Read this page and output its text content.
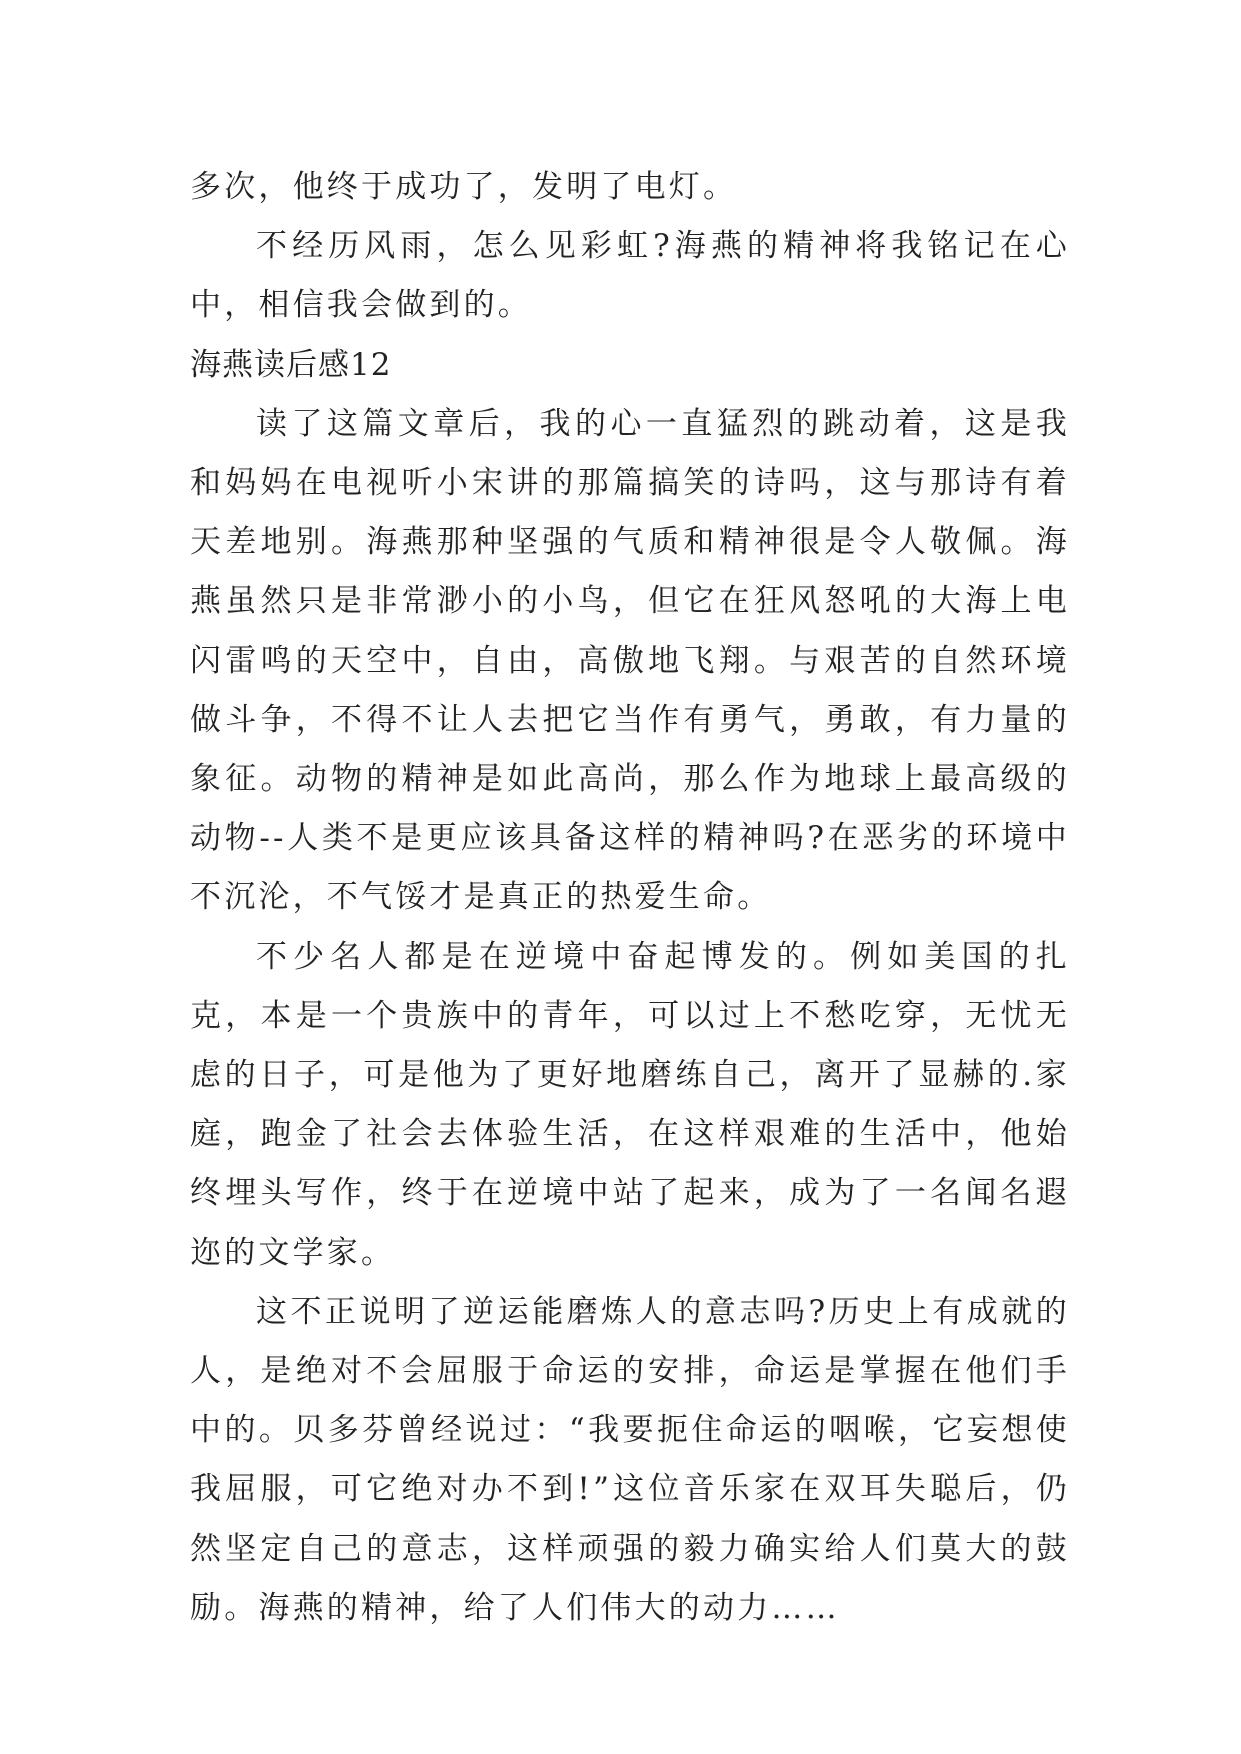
多次，他终于成功了，发明了电灯。

不经历风雨，怎么见彩虹?海燕的精神将我铭记在心中，相信我会做到的。

海燕读后感12

读了这篇文章后，我的心一直猛烈的跳动着，这是我和妈妈在电视听小宋讲的那篇搞笑的诗吗，这与那诗有着天差地别。海燕那种坚强的气质和精神很是令人敬佩。海燕虽然只是非常渺小的小鸟，但它在狂风怒吼的大海上电闪雷鸣的天空中，自由，高傲地飞翔。与艰苦的自然环境做斗争，不得不让人去把它当作有勇气，勇敢，有力量的象征。动物的精神是如此高尚，那么作为地球上最高级的动物--人类不是更应该具备这样的精神吗?在恶劣的环境中不沉沦，不气馁才是真正的热爱生命。

不少名人都是在逆境中奋起博发的。例如美国的扎克，本是一个贵族中的青年，可以过上不愁吃穿，无忧无虑的日子，可是他为了更好地磨练自己，离开了显赫的.家庭，跑金了社会去体验生活，在这样艰难的生活中，他始终埋头写作，终于在逆境中站了起来，成为了一名闻名遐迩的文学家。

这不正说明了逆运能磨炼人的意志吗?历史上有成就的人，是绝对不会屈服于命运的安排，命运是掌握在他们手中的。贝多芬曾经说过：“我要扼住命运的咽喉，它妄想使我屈服，可它绝对办不到!”这位音乐家在双耳失聪后，仍然坚定自己的意志，这样顽强的毅力确实给人们莫大的鼓励。海燕的精神，给了人们伟大的动力……
